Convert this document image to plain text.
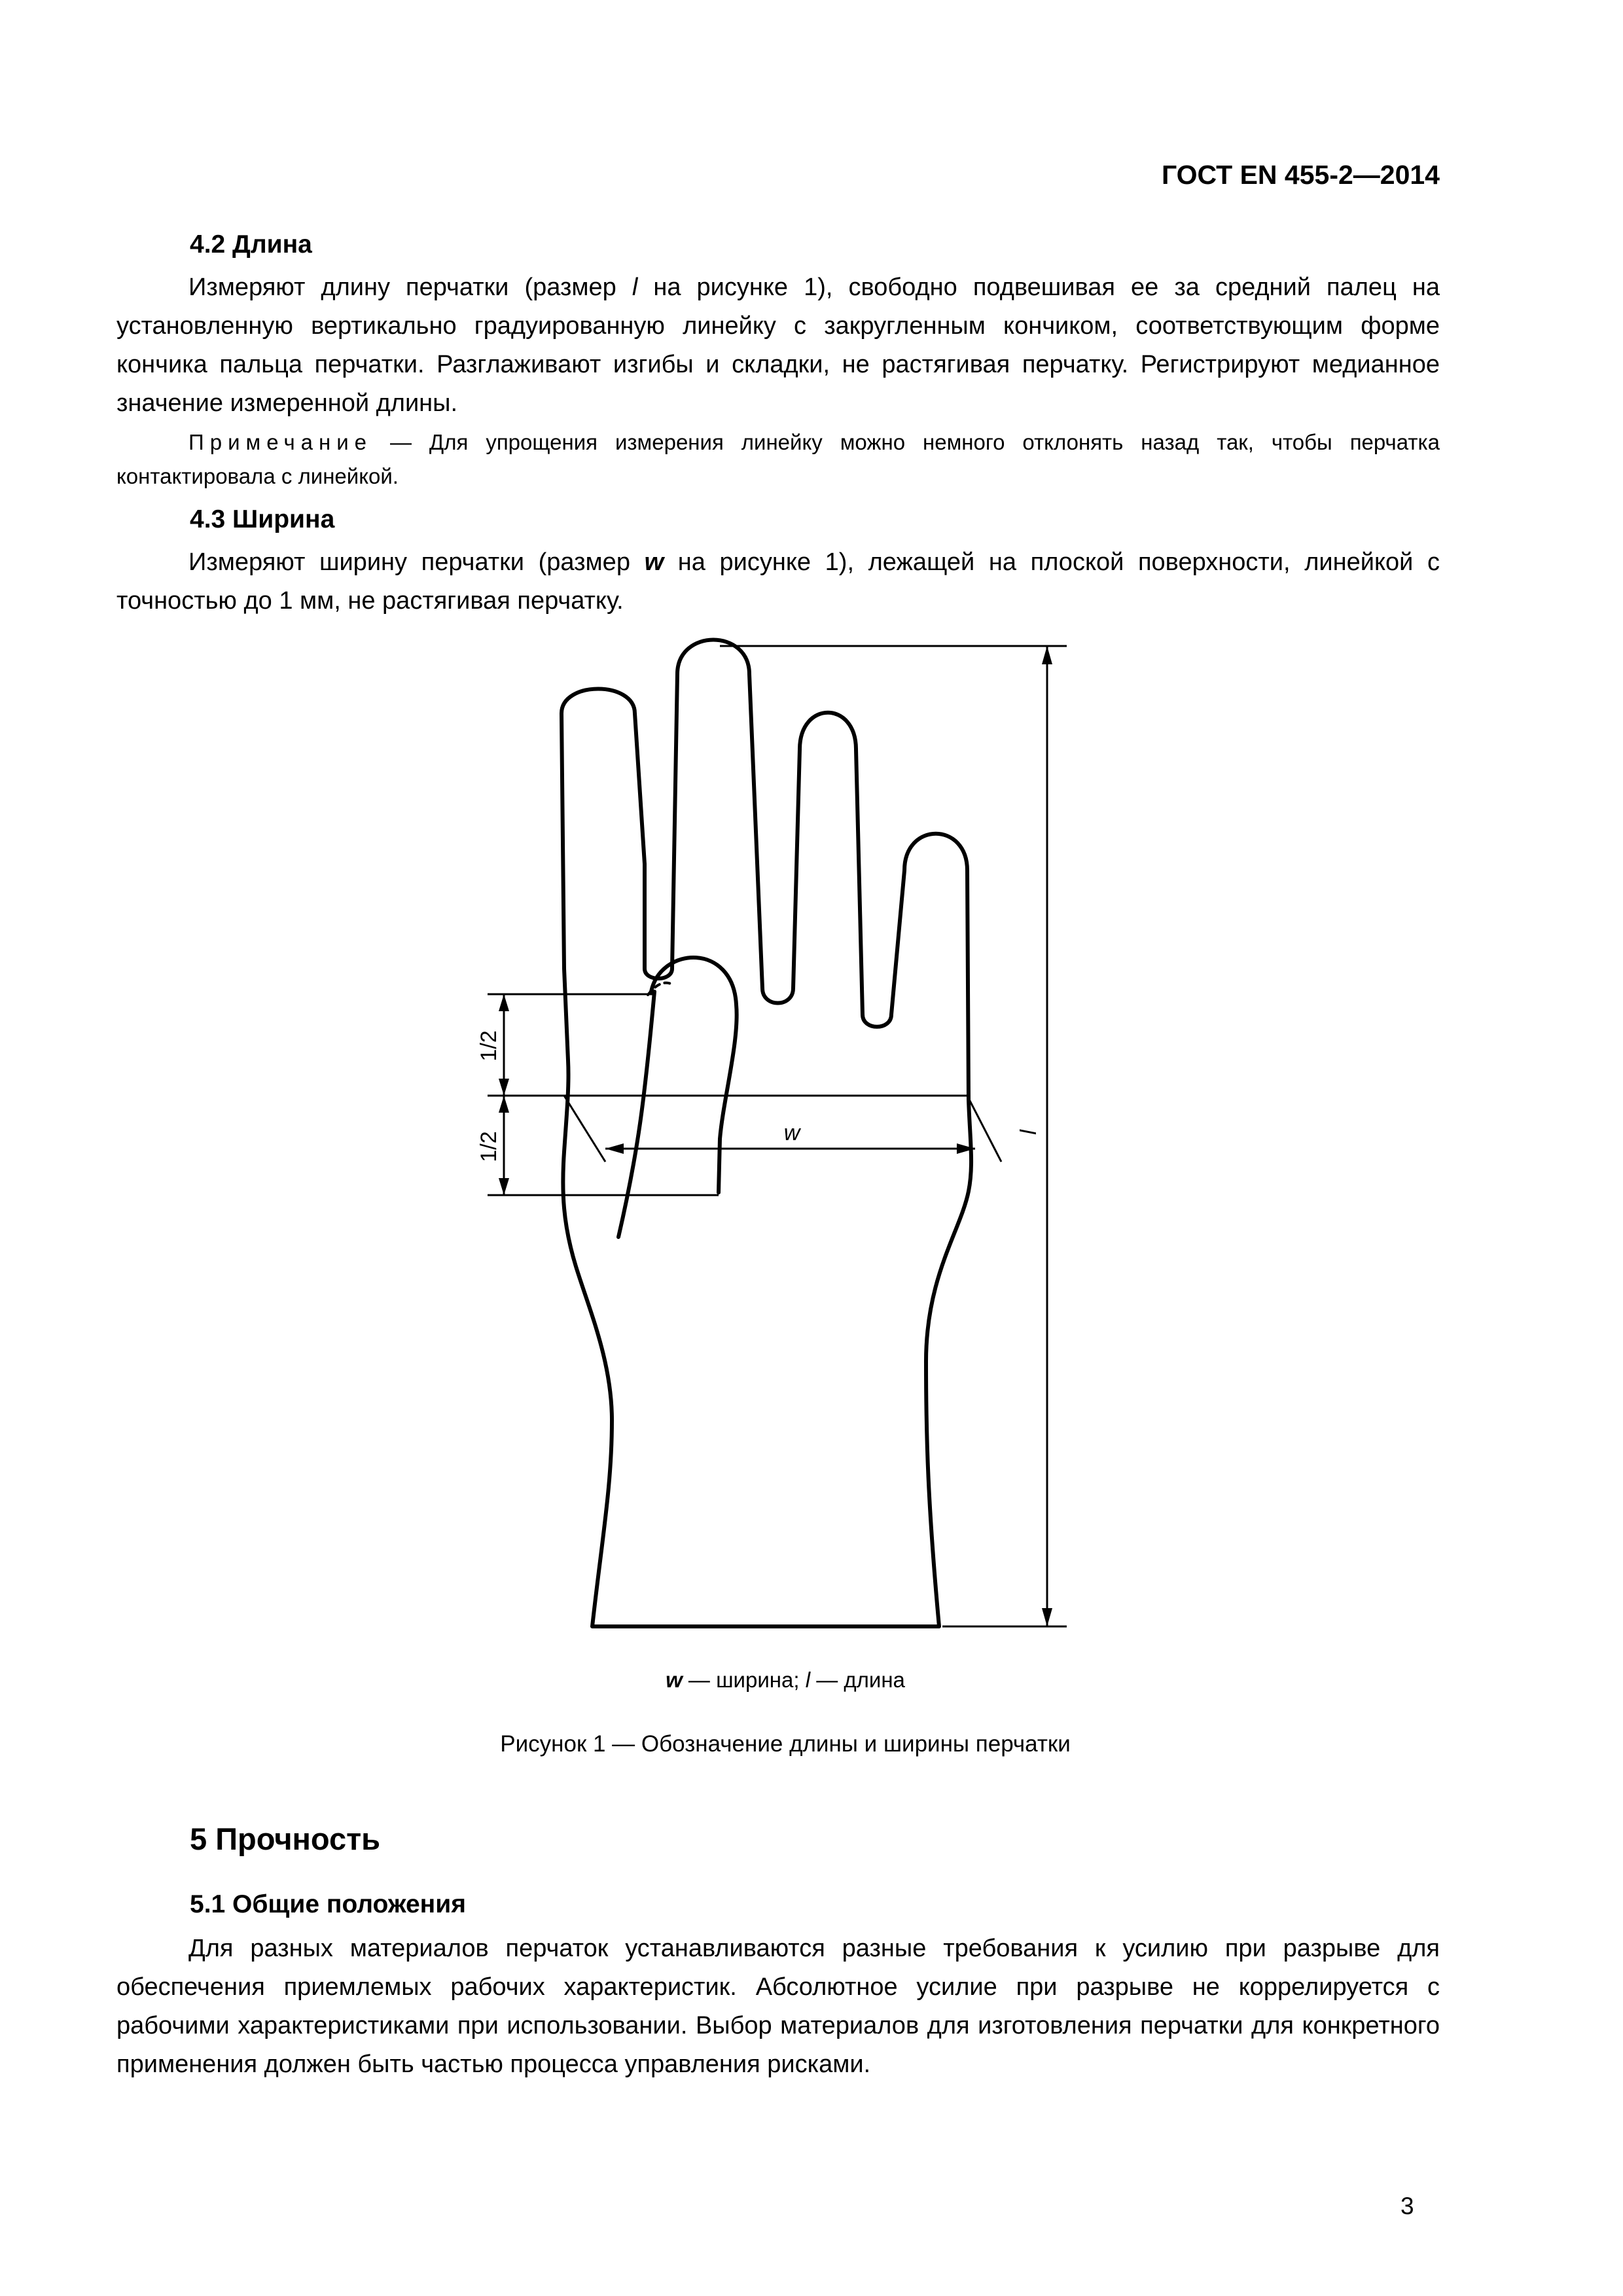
ГОСТ EN 455-2—2014
4.2 Длина
Измеряют длину перчатки (размер l на рисунке 1), свободно подвешивая ее за средний палец на установленную вертикально градуированную линейку с закругленным кончиком, соответствующим форме кончика пальца перчатки. Разглаживают изгибы и складки, не растягивая перчатку. Регистрируют медианное значение измеренной длины.
Примечание — Для упрощения измерения линейку можно немного отклонять назад так, чтобы перчатка контактировала с линейкой.
4.3 Ширина
Измеряют ширину перчатки (размер w на рисунке 1), лежащей на плоской поверхности, линейкой с точностью до 1 мм, не растягивая перчатку.
1/2
1/2	w	l
w — ширина; l — длина
Рисунок 1 — Обозначение длины и ширины перчатки
5 Прочность
5.1 Общие положения
Для разных материалов перчаток устанавливаются разные требования к усилию при разрыве для обеспечения приемлемых рабочих характеристик. Абсолютное усилие при разрыве не коррелируется с рабочими характеристиками при использовании. Выбор материалов для изготовления перчатки для конкретного применения должен быть частью процесса управления рисками.
3
